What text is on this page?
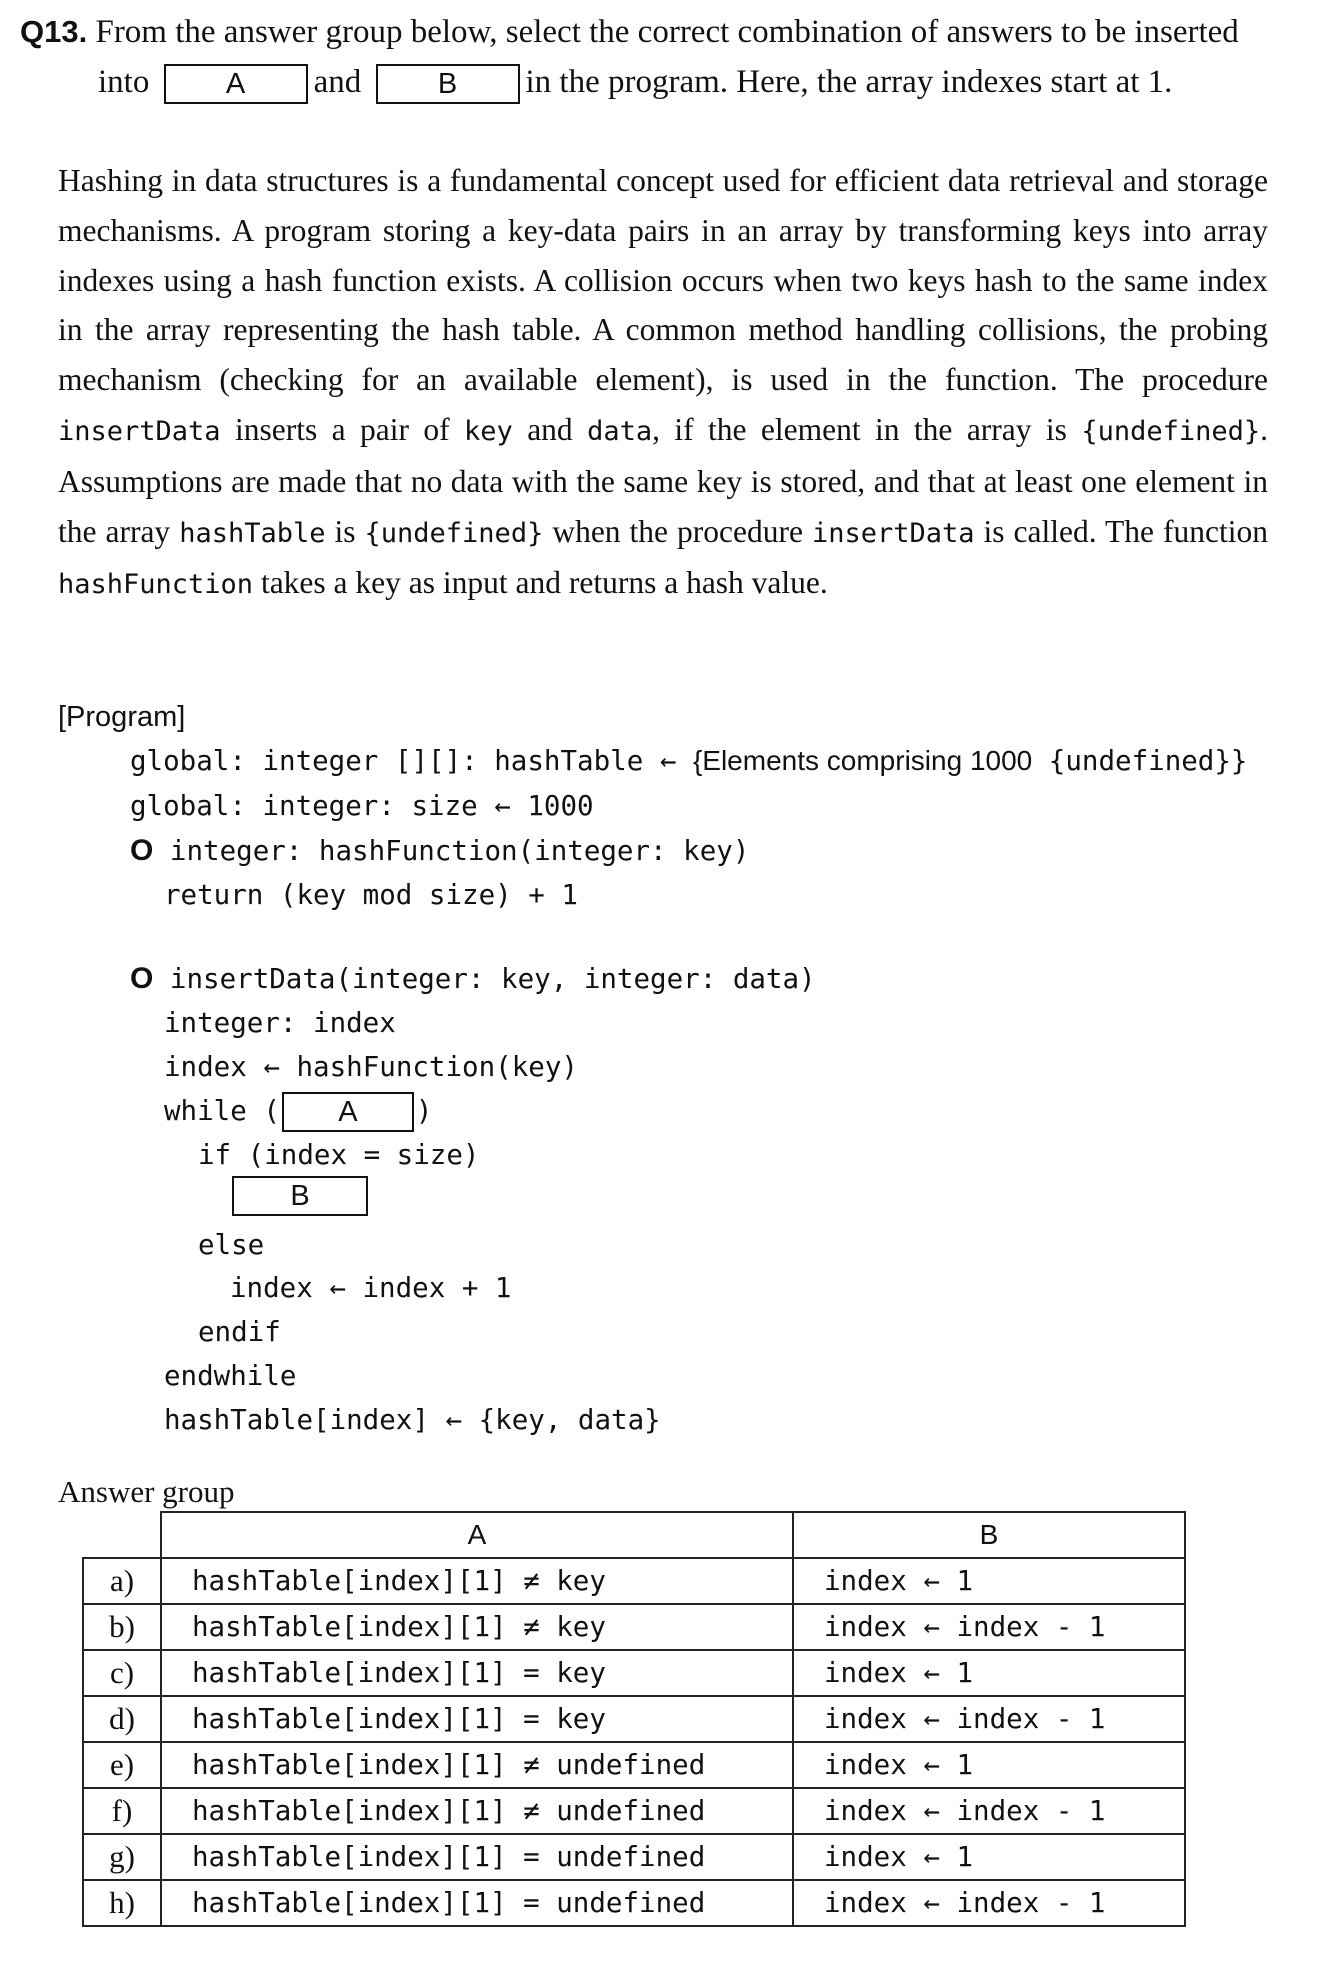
Q13. From the answer group below, select the correct combination of answers to be inserted
into	A and	B in the program. Here, the array indexes start at 1.
Hashing in data structures is a fundamental concept used for efficient data retrieval and storage mechanisms. A program storing a key-data pairs in an array by transforming keys into array indexes using a hash function exists. A collision occurs when two keys hash to the same index in the array representing the hash table. A common method handling collisions, the probing mechanism (checking for an available element), is used in the function. The procedure insertData inserts a pair of key and data, if the element in the array is {undefined}. Assumptions are made that no data with the same key is stored, and that at least one element in the array hashTable is {undefined} when the procedure insertData is called. The function hashFunction takes a key as input and returns a hash value.
[Program]
global: integer [][]: hashTable ← {Elements comprising 1000 {undefined}}
global: integer: size ← 1000
O integer: hashFunction(integer: key)
return (key mod size) + 1
O insertData(integer: key, integer: data)
integer: index
index ← hashFunction(key)
while ( A )
if (index = size)
B
else
index ← index + 1
endif
endwhile
hashTable[index] ← {key, data}
Answer group
	A	B
a)	hashTable[index][1] ≠ key	index ← 1
b)	hashTable[index][1] ≠ key	index ← index - 1
c)	hashTable[index][1] = key	index ← 1
d)	hashTable[index][1] = key	index ← index - 1
e)	hashTable[index][1] ≠ undefined	index ← 1
f)	hashTable[index][1] ≠ undefined	index ← index - 1
g)	hashTable[index][1] = undefined	index ← 1
h)	hashTable[index][1] = undefined	index ← index - 1
